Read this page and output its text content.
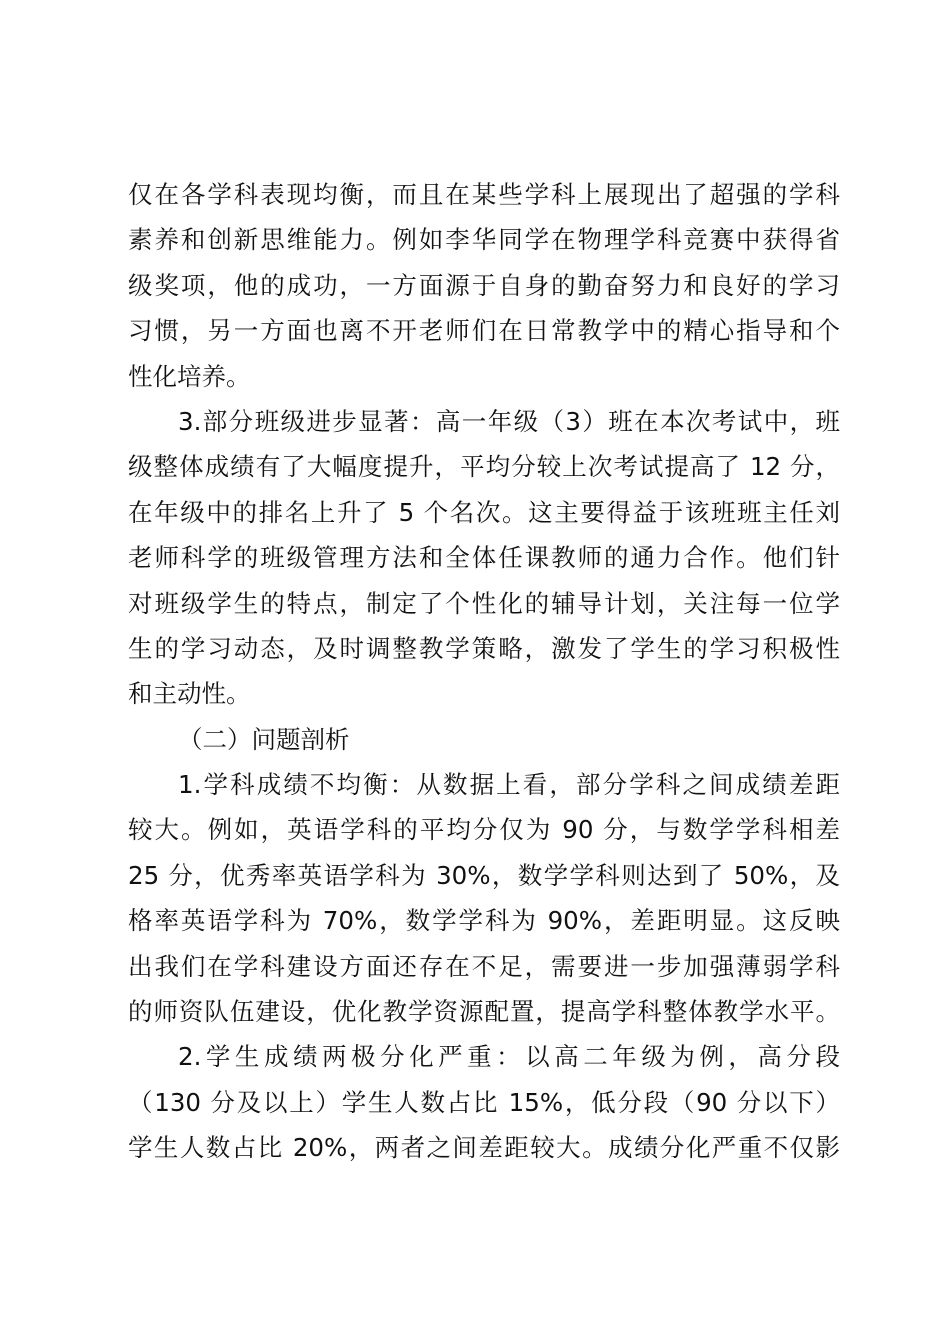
仅在各学科表现均衡，而且在某些学科上展现出了超强的学科
素养和创新思维能力。例如李华同学在物理学科竞赛中获得省
级奖项，他的成功，一方面源于自身的勤奋努力和良好的学习
习惯，另一方面也离不开老师们在日常教学中的精心指导和个
性化培养。
3.部分班级进步显著：高一年级（3）班在本次考试中，班
级整体成绩有了大幅度提升，平均分较上次考试提高了 12 分，
在年级中的排名上升了 5 个名次。这主要得益于该班班主任刘
老师科学的班级管理方法和全体任课教师的通力合作。他们针
对班级学生的特点，制定了个性化的辅导计划，关注每一位学
生的学习动态，及时调整教学策略，激发了学生的学习积极性
和主动性。
（二）问题剖析
1.学科成绩不均衡：从数据上看，部分学科之间成绩差距
较大。例如，英语学科的平均分仅为 90 分，与数学学科相差
25 分，优秀率英语学科为 30%，数学学科则达到了 50%，及
格率英语学科为 70%，数学学科为 90%，差距明显。这反映
出我们在学科建设方面还存在不足，需要进一步加强薄弱学科
的师资队伍建设，优化教学资源配置，提高学科整体教学水平。
2.学生成绩两极分化严重：以高二年级为例，高分段
（130 分及以上）学生人数占比 15%，低分段（90 分以下）
学生人数占比 20%，两者之间差距较大。成绩分化严重不仅影
